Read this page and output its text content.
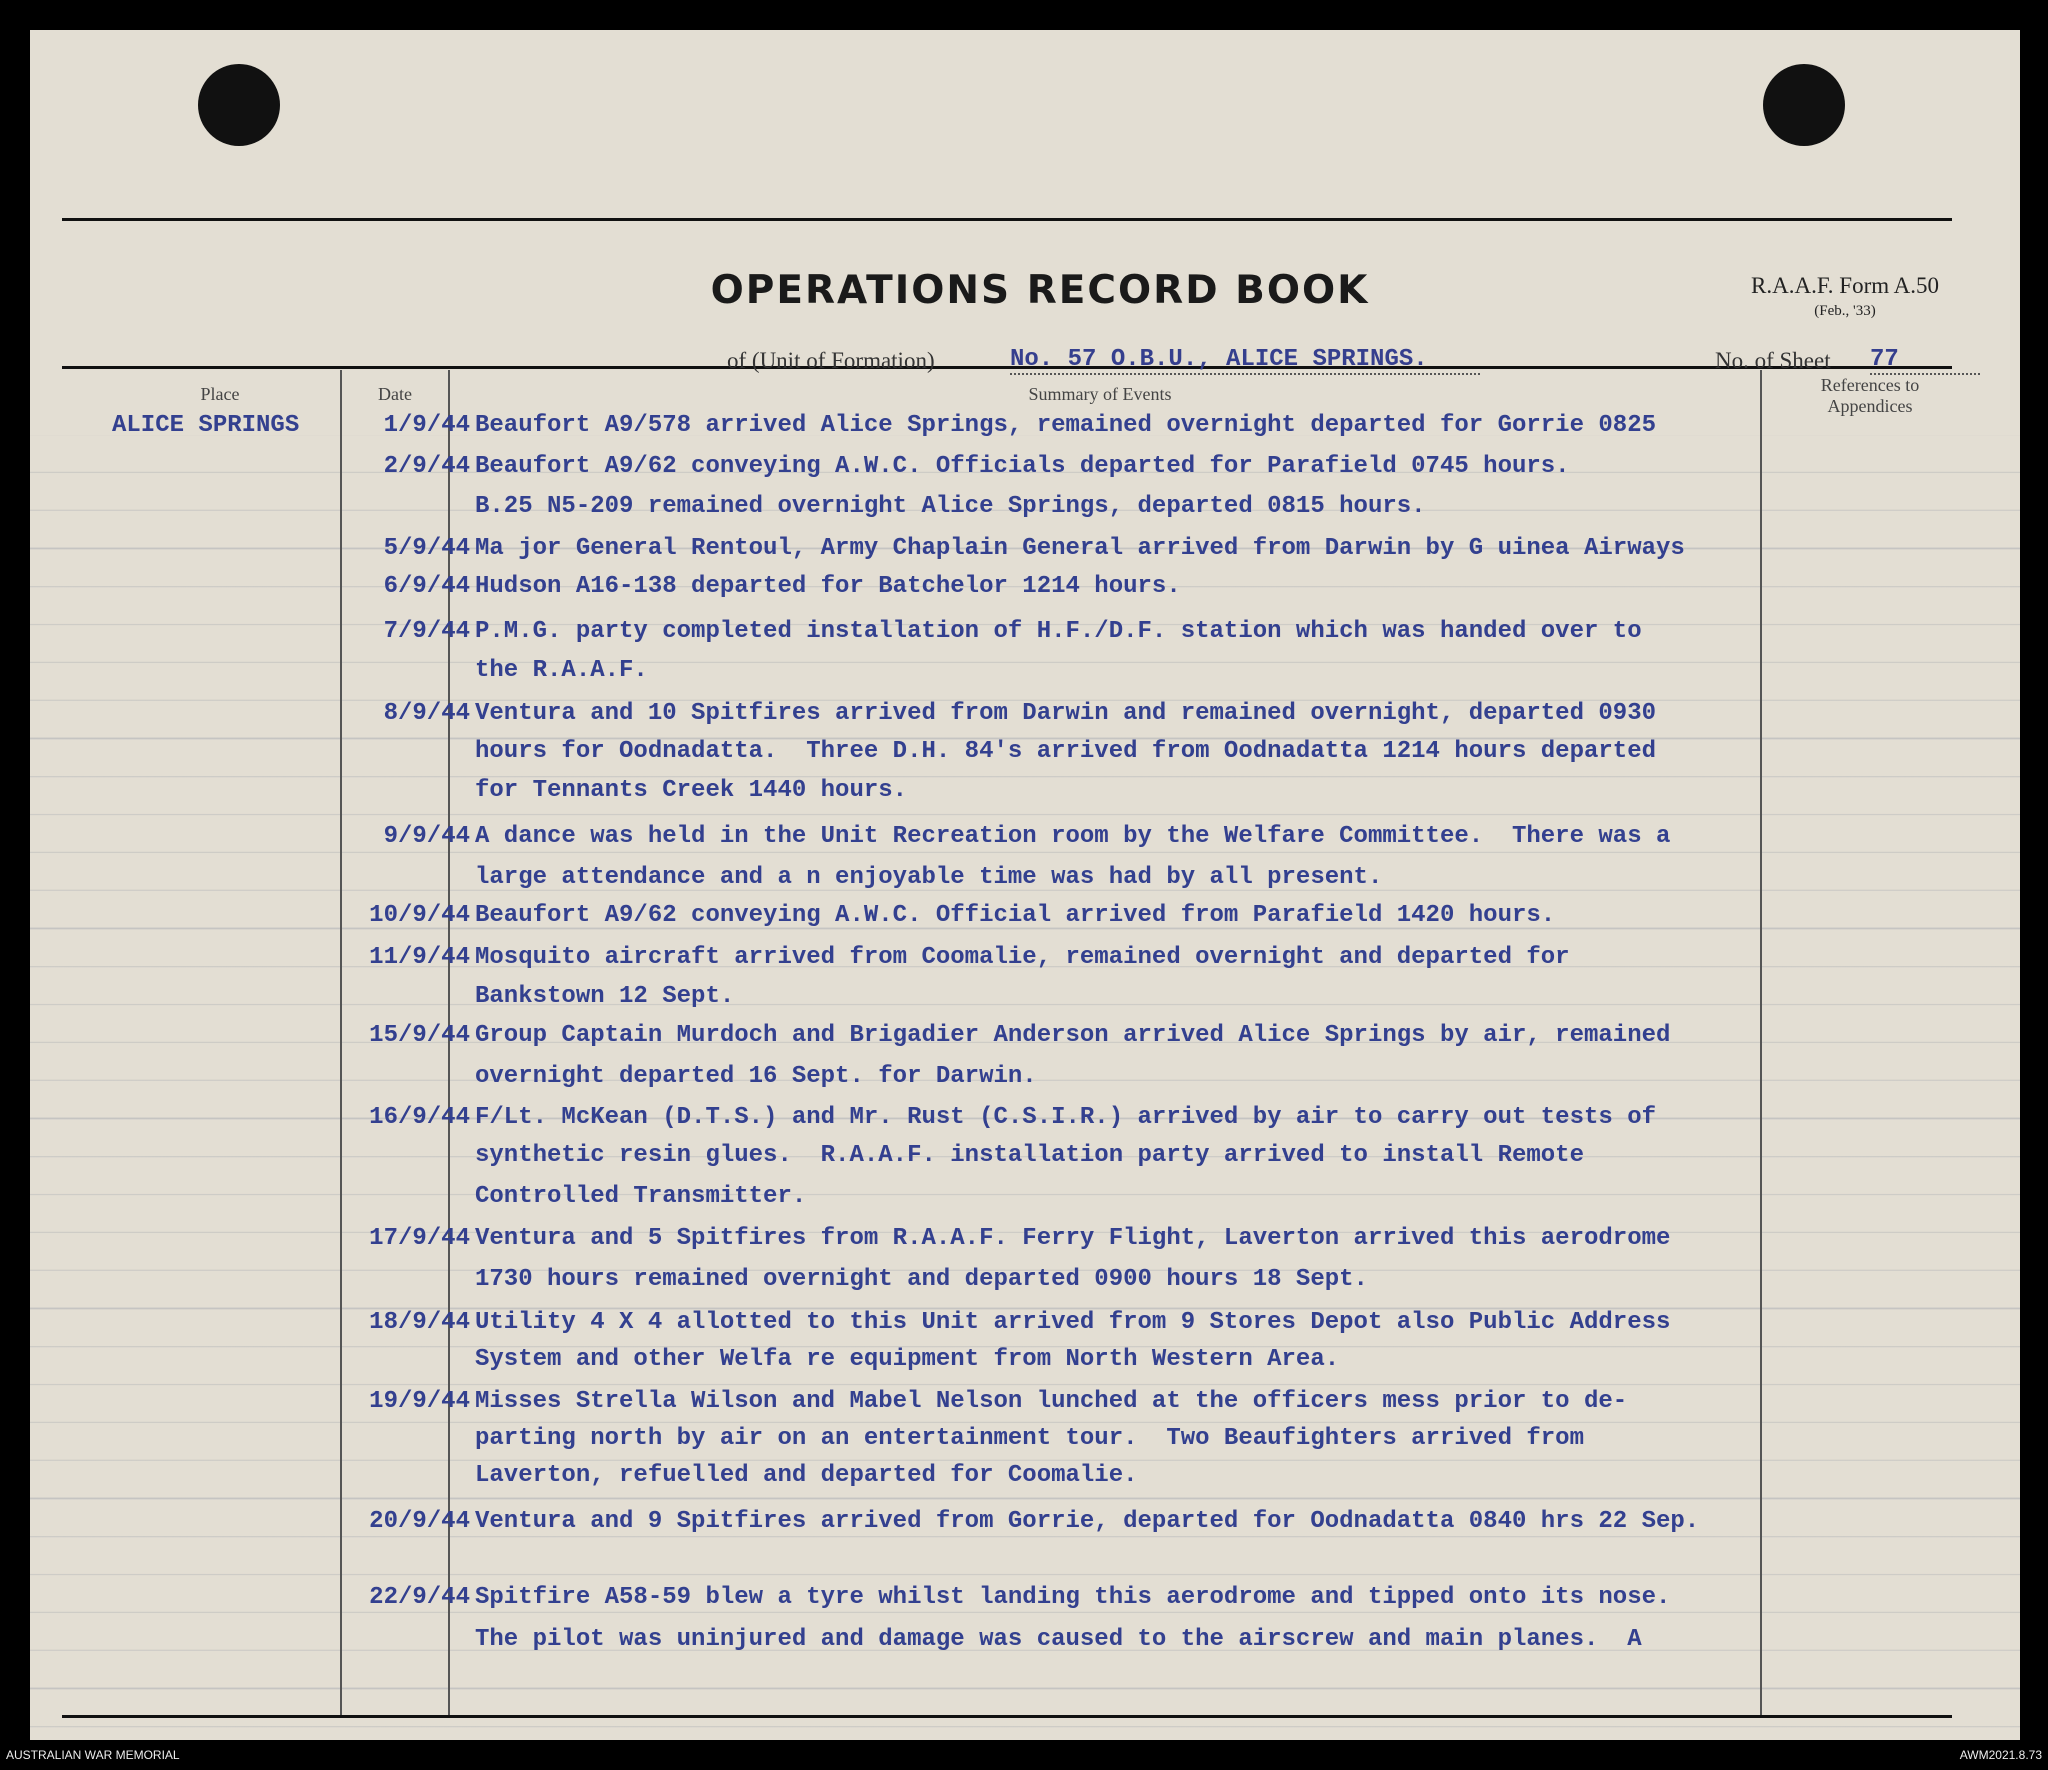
OPERATIONS RECORD BOOK	R.A.A.F. Form A.50
(Feb., '33)
of (Unit of Formation)	No. 57 O.B.U., ALICE SPRINGS.	No. of Sheet 77
Place	Date	Summary of Events	References to
Appendices
ALICE SPRINGS	1/9/44 Beaufort A9/578 arrived Alice Springs, remained overnight departed for Gorrie 0825
2/9/44 Beaufort A9/62 conveying A.W.C. Officials departed for Parafield 0745 hours.
B.25 N5-209 remained overnight Alice Springs, departed 0815 hours.
5/9/44 Ma jor General Rentoul, Army Chaplain General arrived from Darwin by G uinea Airways
6/9/44 Hudson A16-138 departed for Batchelor 1214 hours.
7/9/44 P.M.G. party completed installation of H.F./D.F. station which was handed over to
the R.A.A.F.
8/9/44 Ventura and 10 Spitfires arrived from Darwin and remained overnight, departed 0930
hours for Oodnadatta.  Three D.H. 84's arrived from Oodnadatta 1214 hours departed
for Tennants Creek 1440 hours.
9/9/44 A dance was held in the Unit Recreation room by the Welfare Committee.  There was a
large attendance and a n enjoyable time was had by all present.
10/9/44 Beaufort A9/62 conveying A.W.C. Official arrived from Parafield 1420 hours.
11/9/44 Mosquito aircraft arrived from Coomalie, remained overnight and departed for
Bankstown 12 Sept.
15/9/44 Group Captain Murdoch and Brigadier Anderson arrived Alice Springs by air, remained
overnight departed 16 Sept. for Darwin.
16/9/44 F/Lt. McKean (D.T.S.) and Mr. Rust (C.S.I.R.) arrived by air to carry out tests of
synthetic resin glues.  R.A.A.F. installation party arrived to install Remote
Controlled Transmitter.
17/9/44 Ventura and 5 Spitfires from R.A.A.F. Ferry Flight, Laverton arrived this aerodrome
1730 hours remained overnight and departed 0900 hours 18 Sept.
18/9/44 Utility 4 X 4 allotted to this Unit arrived from 9 Stores Depot also Public Address
System and other Welfa re equipment from North Western Area.
19/9/44 Misses Strella Wilson and Mabel Nelson lunched at the officers mess prior to de-
parting north by air on an entertainment tour.  Two Beaufighters arrived from
Laverton, refuelled and departed for Coomalie.
20/9/44 Ventura and 9 Spitfires arrived from Gorrie, departed for Oodnadatta 0840 hrs 22 Sep.
22/9/44 Spitfire A58-59 blew a tyre whilst landing this aerodrome and tipped onto its nose.
The pilot was uninjured and damage was caused to the airscrew and main planes.  A
AUSTRALIAN WAR MEMORIAL	AWM2021.8.73
